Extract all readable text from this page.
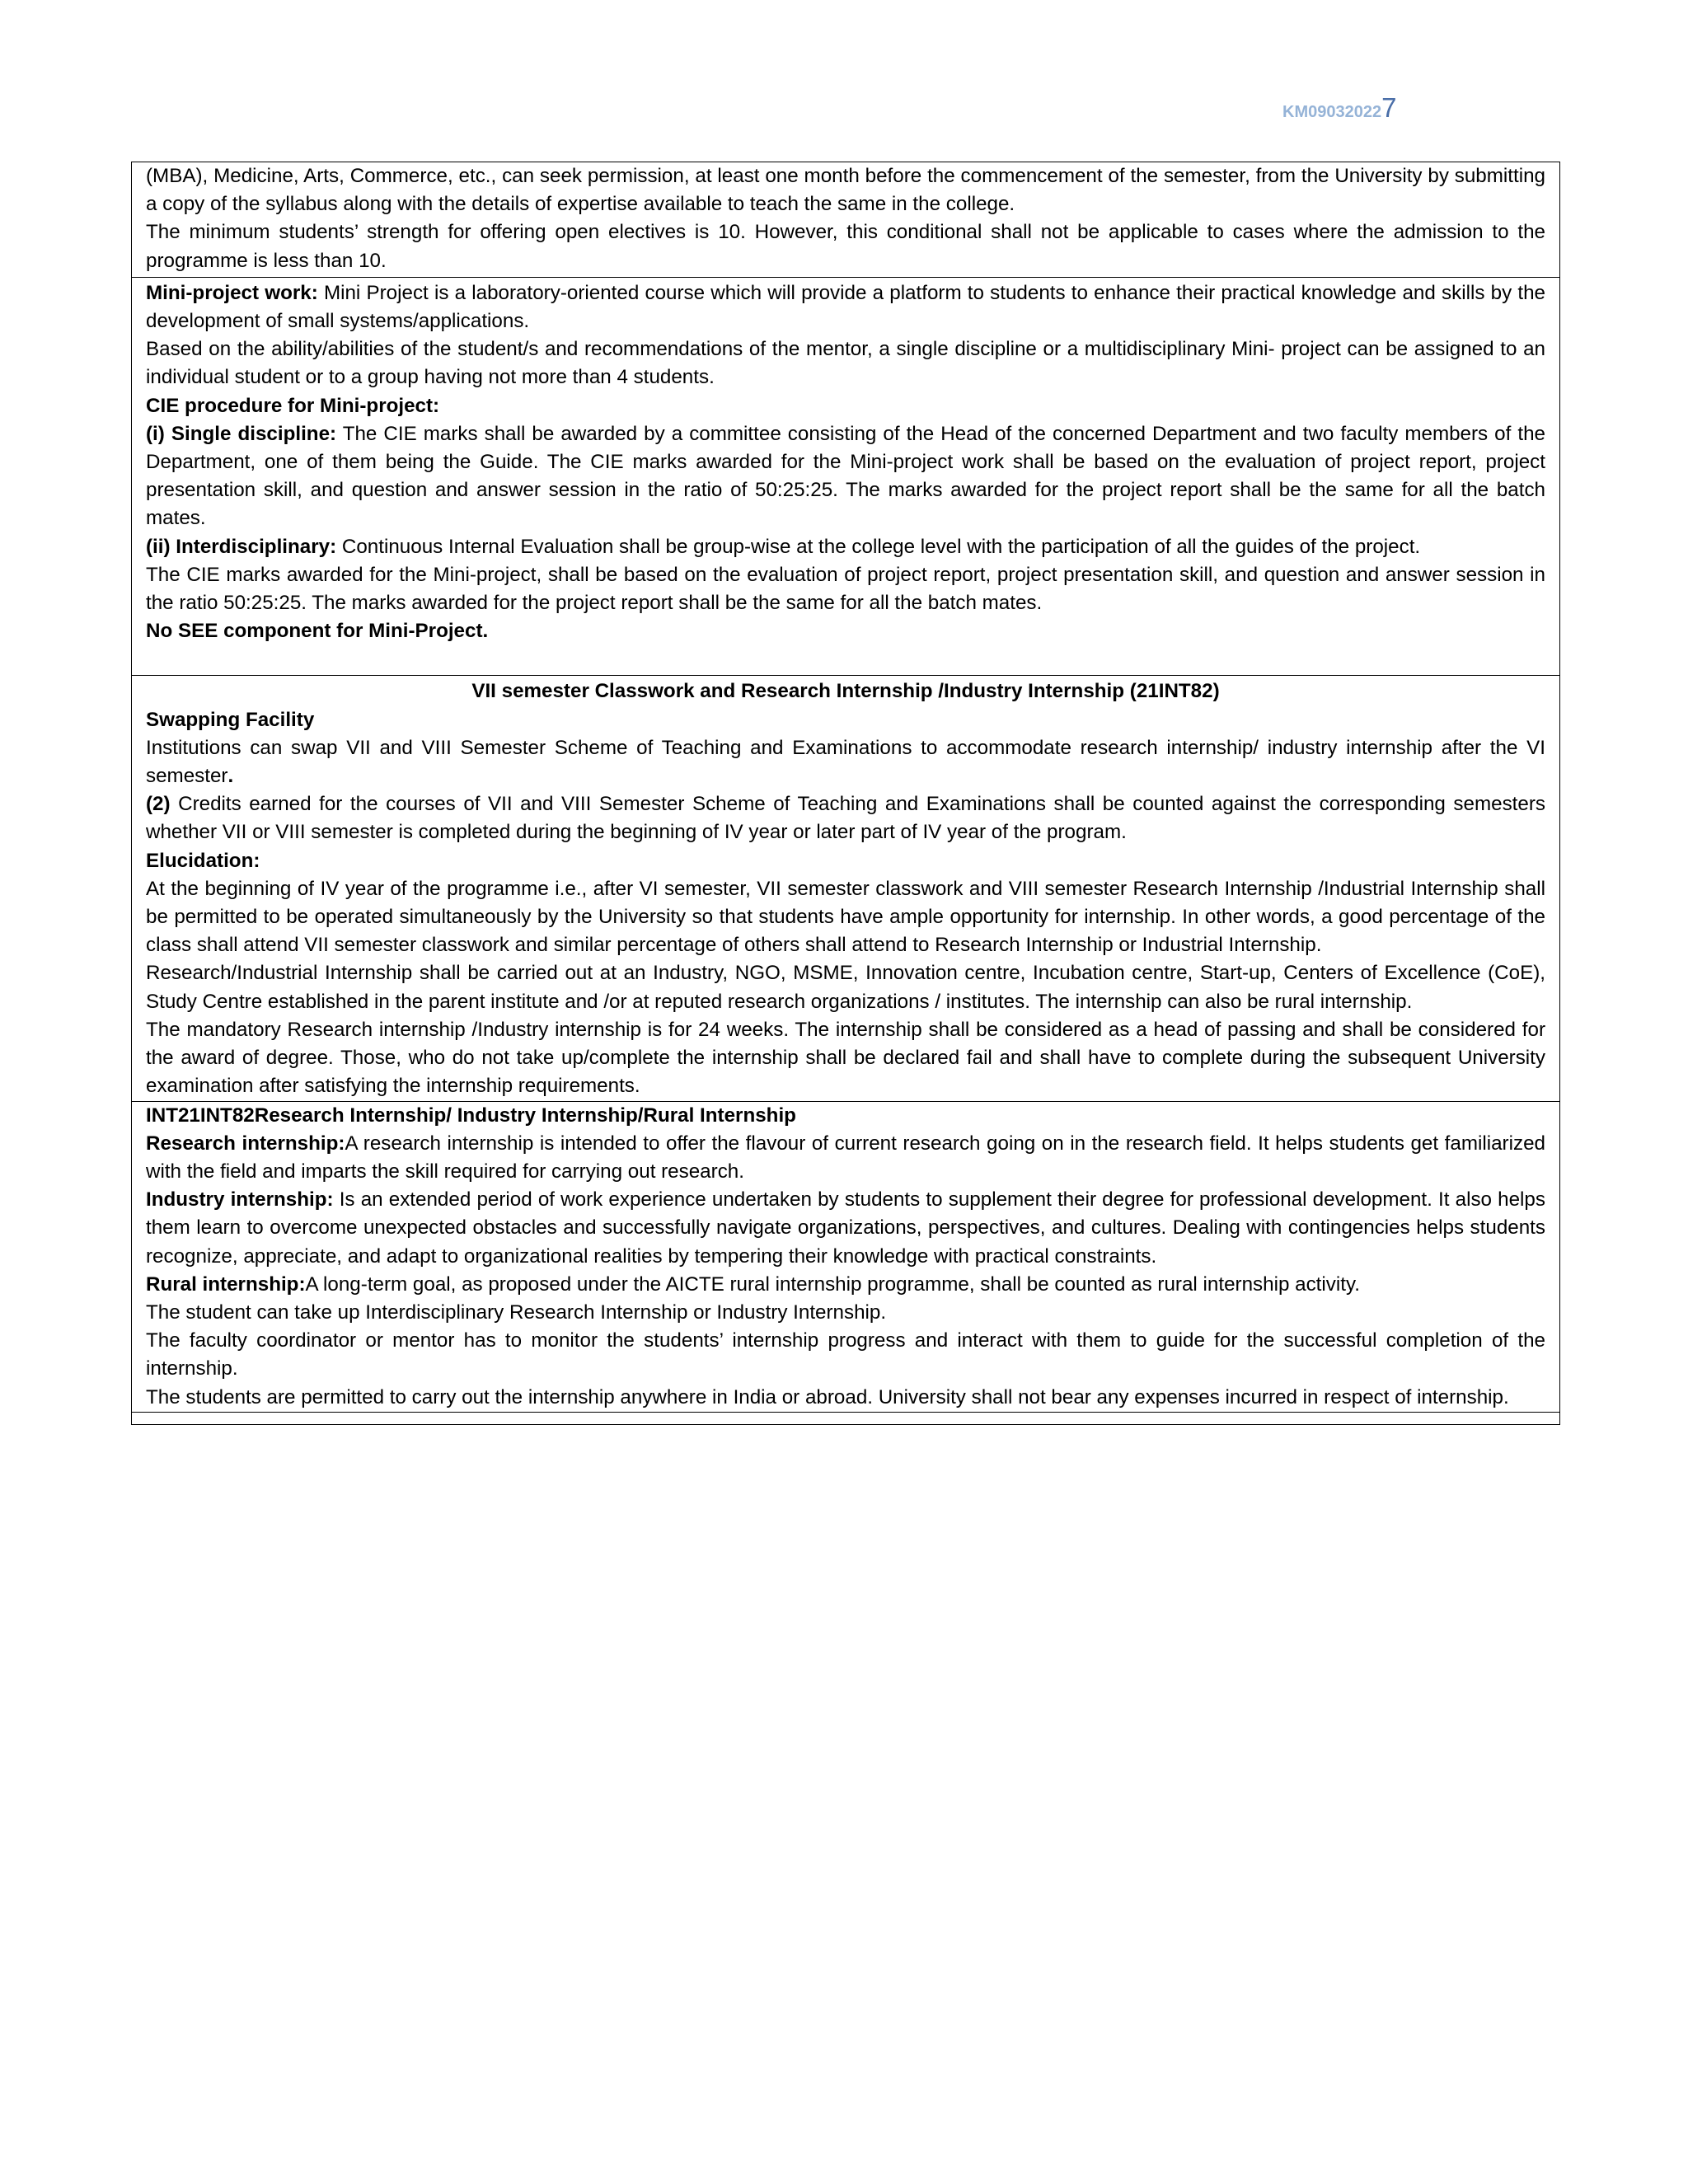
KM090320227

(MBA), Medicine, Arts, Commerce, etc., can seek permission, at least one month before the commencement of the semester, from the University by submitting a copy of the syllabus along with the details of expertise available to teach the same in the college.

The minimum students’ strength for offering open electives is 10. However, this conditional shall not be applicable to cases where the admission to the programme is less than 10.

Mini-project work: Mini Project is a laboratory-oriented course which will provide a platform to students to enhance their practical knowledge and skills by the development of small systems/applications.

Based on the ability/abilities of the student/s and recommendations of the mentor, a single discipline or a multidisciplinary Mini- project can be assigned to an individual student or to a group having not more than 4 students.

CIE procedure for Mini-project:

(i) Single discipline: The CIE marks shall be awarded by a committee consisting of the Head of the concerned Department and two faculty members of the Department, one of them being the Guide. The CIE marks awarded for the Mini-project work shall be based on the evaluation of project report, project presentation skill, and question and answer session in the ratio of 50:25:25. The marks awarded for the project report shall be the same for all the batch mates.

(ii) Interdisciplinary: Continuous Internal Evaluation shall be group-wise at the college level with the participation of all the guides of the project.

The CIE marks awarded for the Mini-project, shall be based on the evaluation of project report, project presentation skill, and question and answer session in the ratio 50:25:25. The marks awarded for the project report shall be the same for all the batch mates.

No SEE component for Mini-Project.

VII semester Classwork and Research Internship /Industry Internship (21INT82)

Swapping Facility

Institutions can swap VII and VIII Semester Scheme of Teaching and Examinations to accommodate research internship/ industry internship after the VI semester.

(2) Credits earned for the courses of VII and VIII Semester Scheme of Teaching and Examinations shall be counted against the corresponding semesters whether VII or VIII semester is completed during the beginning of IV year or later part of IV year of the program.

Elucidation:

At the beginning of IV year of the programme i.e., after VI semester, VII semester classwork and VIII semester Research Internship /Industrial Internship shall be permitted to be operated simultaneously by the University so that students have ample opportunity for internship. In other words, a good percentage of the class shall attend VII semester classwork and similar percentage of others shall attend to Research Internship or Industrial Internship.

Research/Industrial Internship shall be carried out at an Industry, NGO, MSME, Innovation centre, Incubation centre, Start-up, Centers of Excellence (CoE), Study Centre established in the parent institute and /or at reputed research organizations / institutes. The internship can also be rural internship.

The mandatory Research internship /Industry internship is for 24 weeks. The internship shall be considered as a head of passing and shall be considered for the award of degree. Those, who do not take up/complete the internship shall be declared fail and shall have to complete during the subsequent University examination after satisfying the internship requirements.

INT21INT82Research Internship/ Industry Internship/Rural Internship

Research internship:A research internship is intended to offer the flavour of current research going on in the research field. It helps students get familiarized with the field and imparts the skill required for carrying out research.

Industry internship: Is an extended period of work experience undertaken by students to supplement their degree for professional development. It also helps them learn to overcome unexpected obstacles and successfully navigate organizations, perspectives, and cultures. Dealing with contingencies helps students recognize, appreciate, and adapt to organizational realities by tempering their knowledge with practical constraints.

Rural internship:A long-term goal, as proposed under the AICTE rural internship programme, shall be counted as rural internship activity.

The student can take up Interdisciplinary Research Internship or Industry Internship.

The faculty coordinator or mentor has to monitor the students’ internship progress and interact with them to guide for the successful completion of the internship.

The students are permitted to carry out the internship anywhere in India or abroad. University shall not bear any expenses incurred in respect of internship.
